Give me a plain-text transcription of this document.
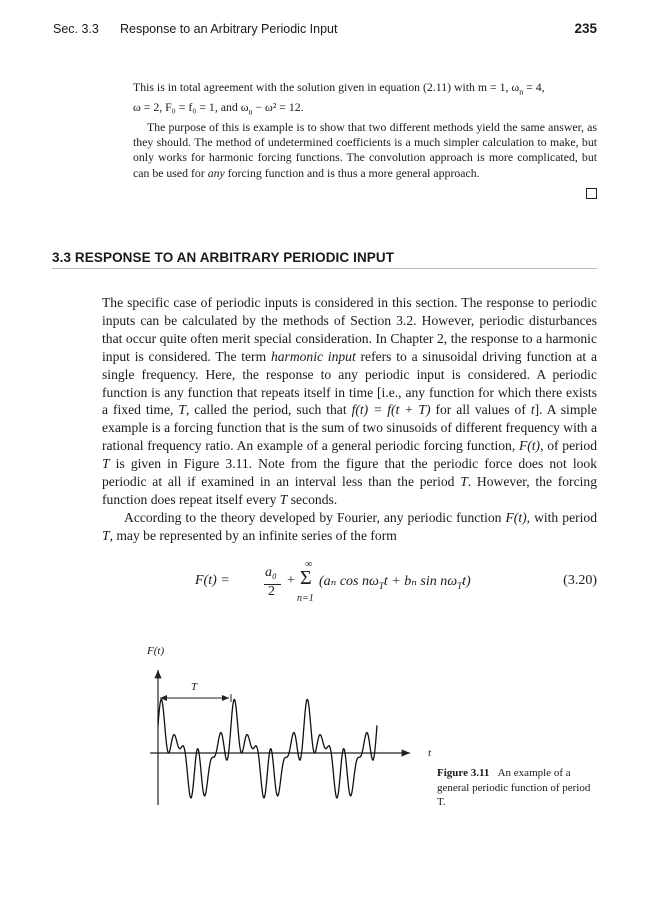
Sec. 3.3 Response to an Arbitrary Periodic Input	235

This is in total agreement with the solution given in equation (2.11) with m = 1, $\omega_n = 4$,

ω = 2, F₀ = f₀ = 1, and $\omega_n - \omega^2 = 12$.

The purpose of this is example is to show that two different methods yield the same answer, as they should. The method of undetermined coefficients is a much simpler calculation to make, but only works for harmonic forcing functions. The convolution approach is more complicated, but can be used for any forcing function and is thus a more general approach.

3.3 RESPONSE TO AN ARBITRARY PERIODIC INPUT

The specific case of periodic inputs is considered in this section. The response to periodic inputs can be calculated by the methods of Section 3.2. However, periodic disturbances that occur quite often merit special consideration. In Chapter 2, the response to a harmonic input is considered. The term harmonic input refers to a sinusoidal driving function at a single frequency. Here, the response to any periodic input is considered. A periodic function is any function that repeats itself in time [i.e., any function for which there exists a fixed time, T, called the period, such that f(t) = f(t + T) for all values of t]. A simple example is a forcing function that is the sum of two sinusoids of different frequency with a rational frequency ratio. An example of a general periodic forcing function, F(t), of period T is given in Figure 3.11. Note from the figure that the periodic force does not look periodic at all if examined in an interval less than the period T. However, the forcing function does repeat itself every T seconds.

According to the theory developed by Fourier, any periodic function F(t), with period T, may be represented by an infinite series of the form

F(t) =
a₀
2
+
∞
Σ
n=1
(aₙ $\cos n\omega_Tt + b_n$ $\sin n\omega_Tt$)	(3.20)
F(t)
T
t
Figure 3.11 An example of a general periodic function of period T.
